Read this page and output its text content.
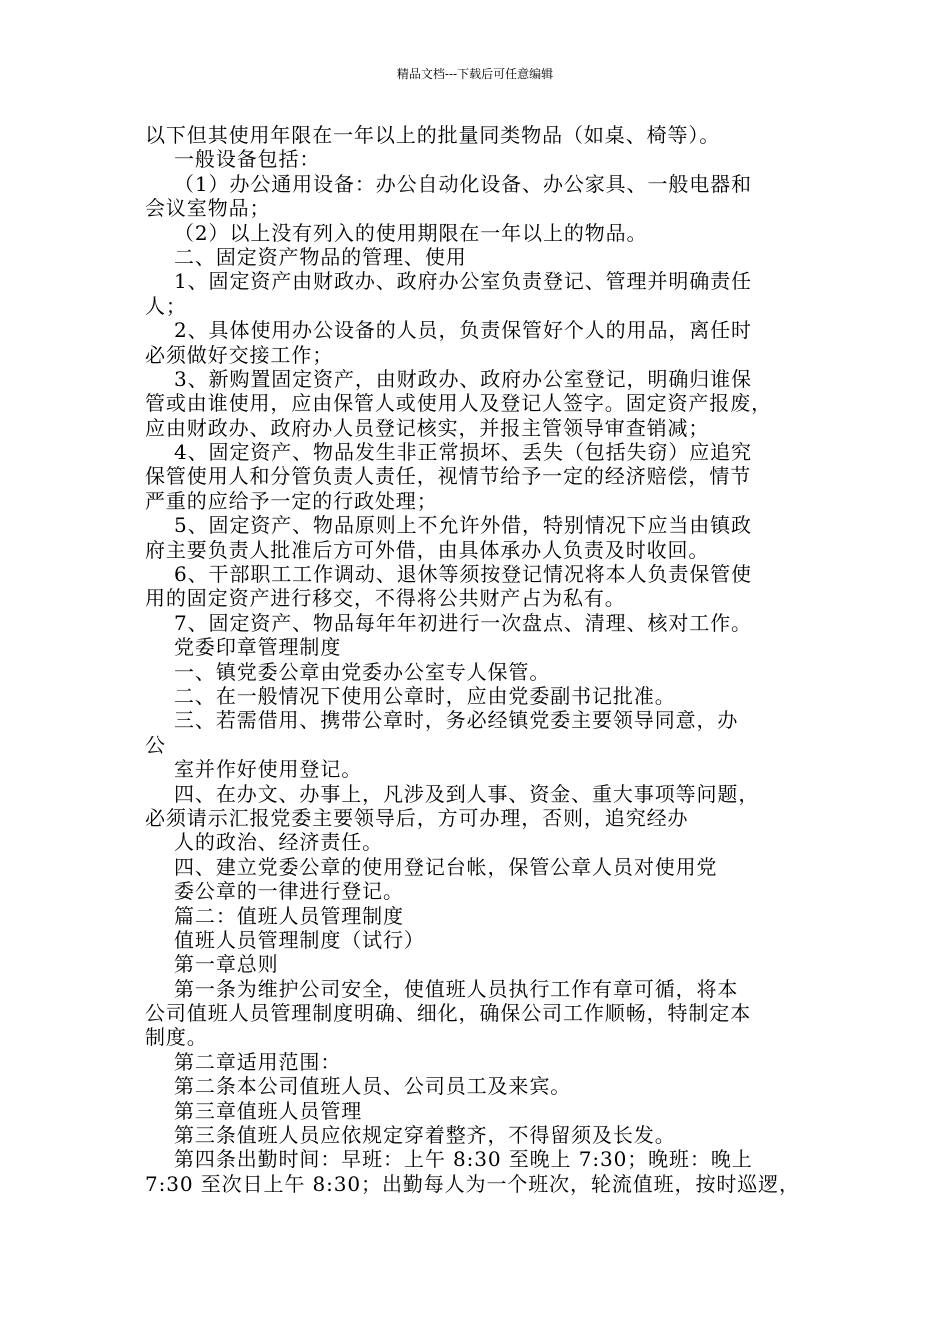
精品文档---下载后可任意编辑
以下但其使用年限在一年以上的批量同类物品（如桌、椅等）。
一般设备包括：
（1）办公通用设备：办公自动化设备、办公家具、一般电器和
会议室物品；
（2）以上没有列入的使用期限在一年以上的物品。
二、固定资产物品的管理、使用
1、固定资产由财政办、政府办公室负责登记、管理并明确责任
人；
2、具体使用办公设备的人员，负责保管好个人的用品，离任时
必须做好交接工作；
3、新购置固定资产，由财政办、政府办公室登记，明确归谁保
管或由谁使用，应由保管人或使用人及登记人签字。固定资产报废，
应由财政办、政府办人员登记核实，并报主管领导审查销减；
4、固定资产、物品发生非正常损坏、丢失（包括失窃）应追究
保管使用人和分管负责人责任，视情节给予一定的经济赔偿，情节
严重的应给予一定的行政处理；
5、固定资产、物品原则上不允许外借，特别情况下应当由镇政
府主要负责人批准后方可外借，由具体承办人负责及时收回。
6、干部职工工作调动、退休等须按登记情况将本人负责保管使
用的固定资产进行移交，不得将公共财产占为私有。
7、固定资产、物品每年年初进行一次盘点、清理、核对工作。
党委印章管理制度
一、镇党委公章由党委办公室专人保管。
二、在一般情况下使用公章时，应由党委副书记批准。
三、若需借用、携带公章时，务必经镇党委主要领导同意，办
公
室并作好使用登记。
四、在办文、办事上，凡涉及到人事、资金、重大事项等问题，
必须请示汇报党委主要领导后，方可办理，否则，追究经办
人的政治、经济责任。
四、建立党委公章的使用登记台帐，保管公章人员对使用党
委公章的一律进行登记。
篇二：值班人员管理制度
值班人员管理制度（试行）
第一章总则
第一条为维护公司安全，使值班人员执行工作有章可循，将本
公司值班人员管理制度明确、细化，确保公司工作顺畅，特制定本
制度。
第二章适用范围：
第二条本公司值班人员、公司员工及来宾。
第三章值班人员管理
第三条值班人员应依规定穿着整齐，不得留须及长发。
第四条出勤时间：早班：上午 8:30 至晚上 7:30；晚班：晚上
7:30 至次日上午 8:30；出勤每人为一个班次，轮流值班，按时巡逻，
